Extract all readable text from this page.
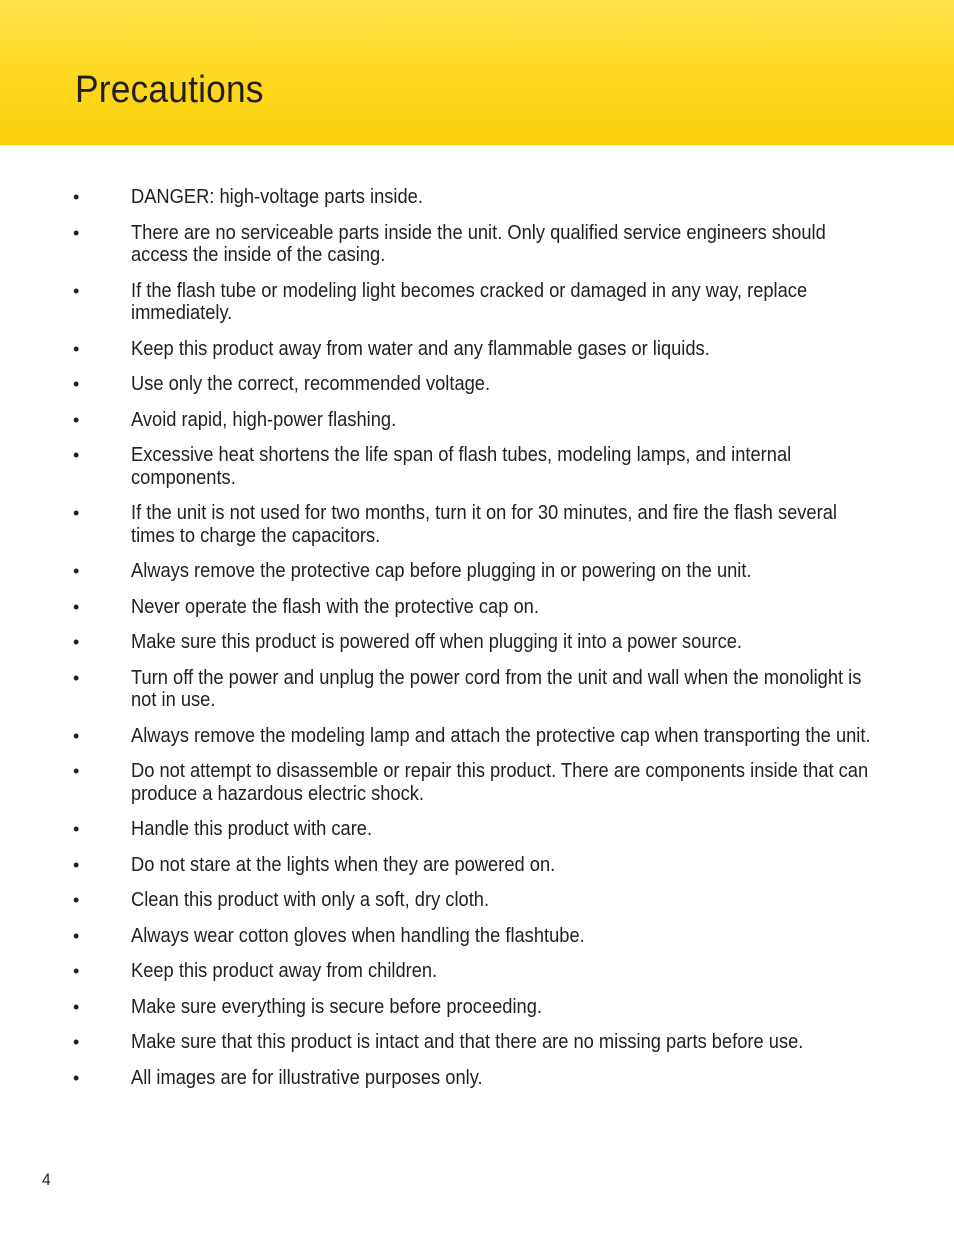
Precautions
•	DANGER: high-voltage parts inside.
•	There are no serviceable parts inside the unit. Only qualified service engineers should access the inside of the casing.
•	If the flash tube or modeling light becomes cracked or damaged in any way, replace immediately.
•	Keep this product away from water and any flammable gases or liquids.
•	Use only the correct, recommended voltage.
•	Avoid rapid, high-power flashing.
•	Excessive heat shortens the life span of flash tubes, modeling lamps, and internal components.
•	If the unit is not used for two months, turn it on for 30 minutes, and fire the flash several times to charge the capacitors.
•	Always remove the protective cap before plugging in or powering on the unit.
•	Never operate the flash with the protective cap on.
•	Make sure this product is powered off when plugging it into a power source.
•	Turn off the power and unplug the power cord from the unit and wall when the monolight is not in use.
•	Always remove the modeling lamp and attach the protective cap when transporting the unit.
•	Do not attempt to disassemble or repair this product. There are components inside that can produce a hazardous electric shock.
•	Handle this product with care.
•	Do not stare at the lights when they are powered on.
•	Clean this product with only a soft, dry cloth.
•	Always wear cotton gloves when handling the flashtube.
•	Keep this product away from children.
•	Make sure everything is secure before proceeding.
•	Make sure that this product is intact and that there are no missing parts before use.
•	All images are for illustrative purposes only.
4
